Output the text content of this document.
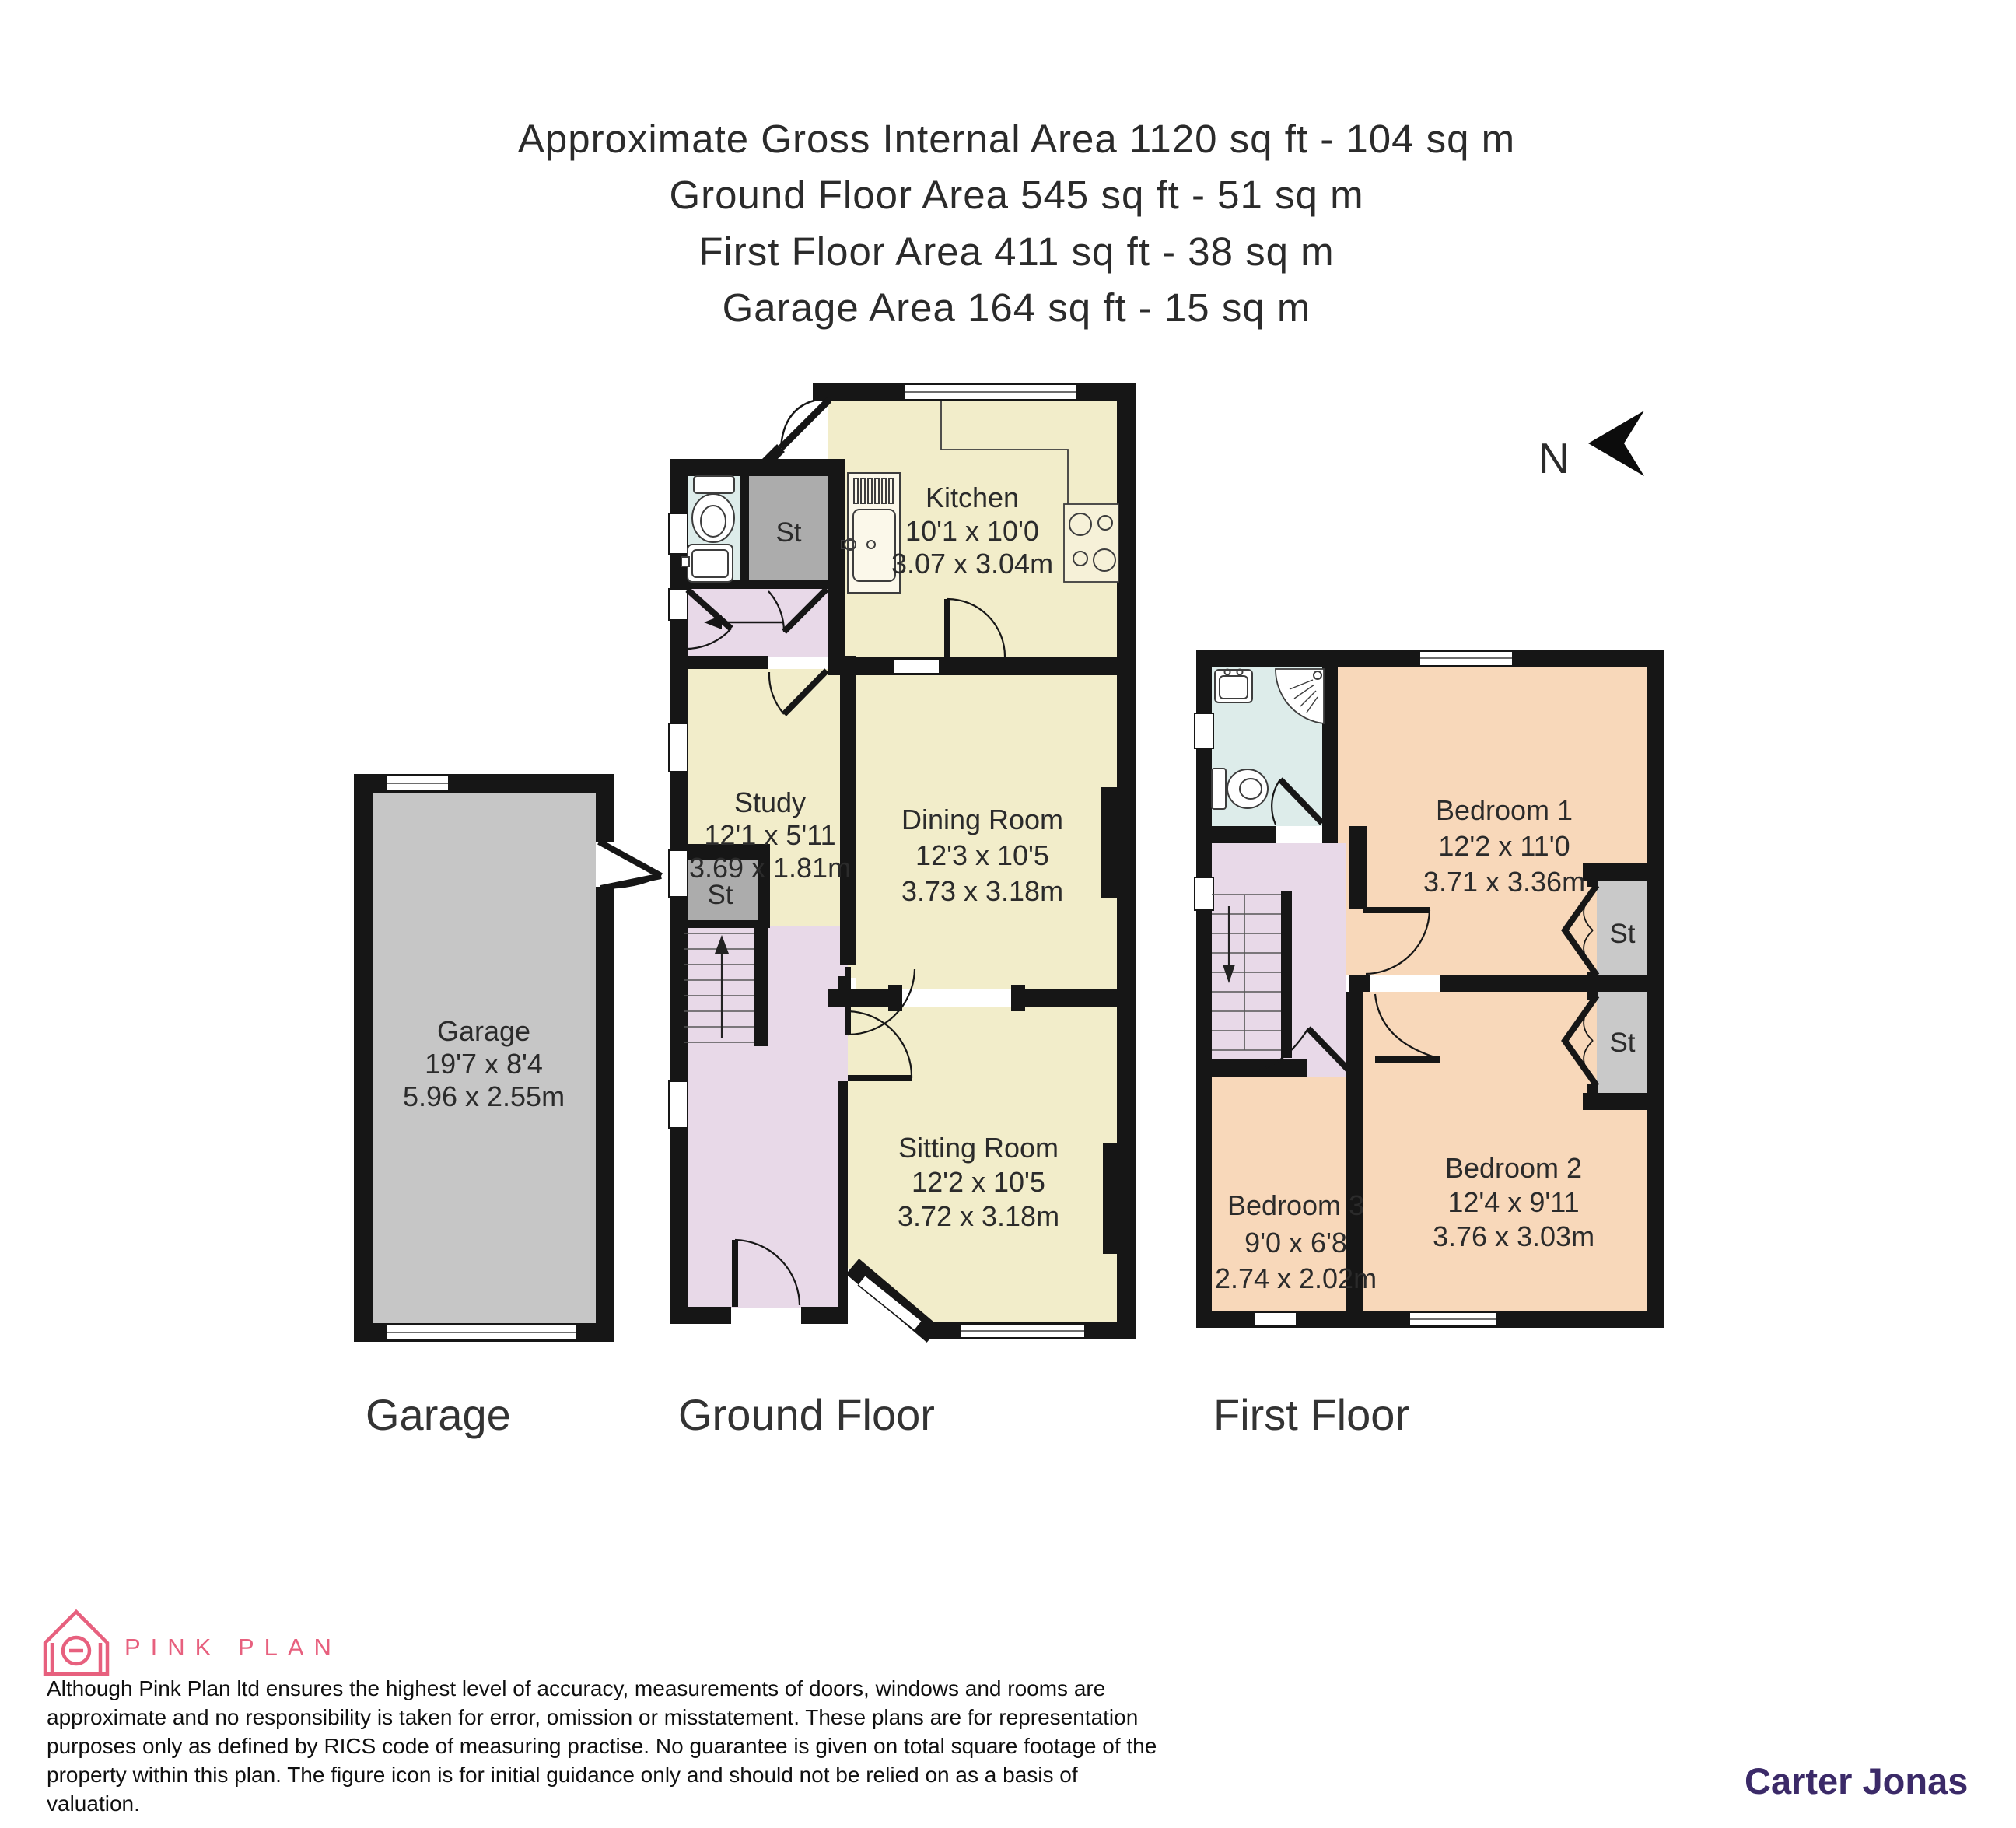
Approximate Gross Internal Area 1120 sq ft - 104 sq m
Ground Floor Area 545 sq ft - 51 sq m
First Floor Area 411 sq ft - 38 sq m
Garage Area 164 sq ft - 15 sq m
N
Garage
19'7 x 8'4
5.96 x 2.55m
Kitchen
10'1 x 10'0
3.07 x 3.04m
Study
12'1 x 5'11
3.69 x 1.81m
Dining Room
12'3 x 10'5
3.73 x 3.18m
Sitting Room
12'2 x 10'5
3.72 x 3.18m
St
St
Bedroom 1
12'2 x 11'0
3.71 x 3.36m
Bedroom 2
12'4 x 9'11
3.76 x 3.03m
Bedroom 3
9'0 x 6'8
2.74 x 2.02m
St
St
Garage	Ground Floor	First Floor
PINK PLAN
Although Pink Plan ltd ensures the highest level of accuracy, measurements of doors, windows and rooms are approximate and no responsibility is taken for error, omission or misstatement. These plans are for representation purposes only as defined by RICS code of measuring practise. No guarantee is given on total square footage of the property within this plan. The figure icon is for initial guidance only and should not be relied on as a basis of valuation.
Carter Jonas
